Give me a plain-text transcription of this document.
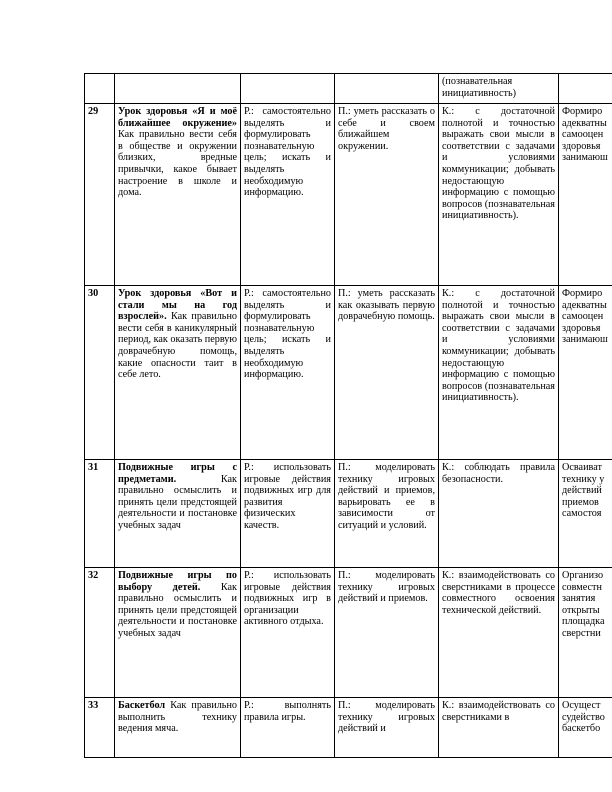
				(познавательная инициативность)	
29	Урок здоровья «Я и моё ближайшее окружение» Как правильно вести себя в обществе и окружении близких, вредные привычки, какое бывает настроение в школе и дома.	Р.: самостоятельно выделять и формулировать познавательную цель; искать и выделять необходимую информацию.	П.: уметь рассказать о себе и своем ближайшем окружении.	К.: с достаточной полнотой и точностью выражать свои мысли в соответствии с задачами и условиями коммуникации; добывать недостающую информацию с помощью вопросов (познавательная инициативность).	Формиро адекватны самооцен здоровья занимаюш

30	Урок здоровья «Вот и стали мы на год взрослей». Как правильно вести себя в каникулярный период, как оказать первую доврачебную помощь, какие опасности таит в себе лето.	Р.: самостоятельно выделять и формулировать познавательную цель; искать и выделять необходимую информацию.	П.: уметь рассказать как оказывать первую доврачебную помощь.	К.: с достаточной полнотой и точностью выражать свои мысли в соответствии с задачами и условиями коммуникации; добывать недостающую информацию с помощью вопросов (познавательная инициативность).	Формиро адекватны самооцен здоровья занимаюш

31	Подвижные игры с предметами. Как правильно осмыслить и принять цели предстоящей деятельности и постановке учебных задач	Р.: использовать игровые действия подвижных игр для развития физических качеств.	П.: моделировать технику игровых действий и приемов, варьировать ее в зависимости от ситуаций и условий.	К.: соблюдать правила безопасности.	Осваиват технику у действий приемов самостоя

32	Подвижные игры по выбору детей. Как правильно осмыслить и принять цели предстоящей деятельности и постановке учебных задач	Р.: использовать игровые действия подвижных игр в организации активного отдыха.	П.: моделировать технику игровых действий и приемов.	К.: взаимодействовать со сверстниками в процессе совместного освоения технической действий.	Организо совместн занятия открыты площадка сверстни

33	Баскетбол Как правильно выполнить технику ведения мяча.	Р.: выполнять правила игры.	П.: моделировать технику игровых действий и	К.: взаимодействовать со сверстниками в	Осущест судейство баскетбо
